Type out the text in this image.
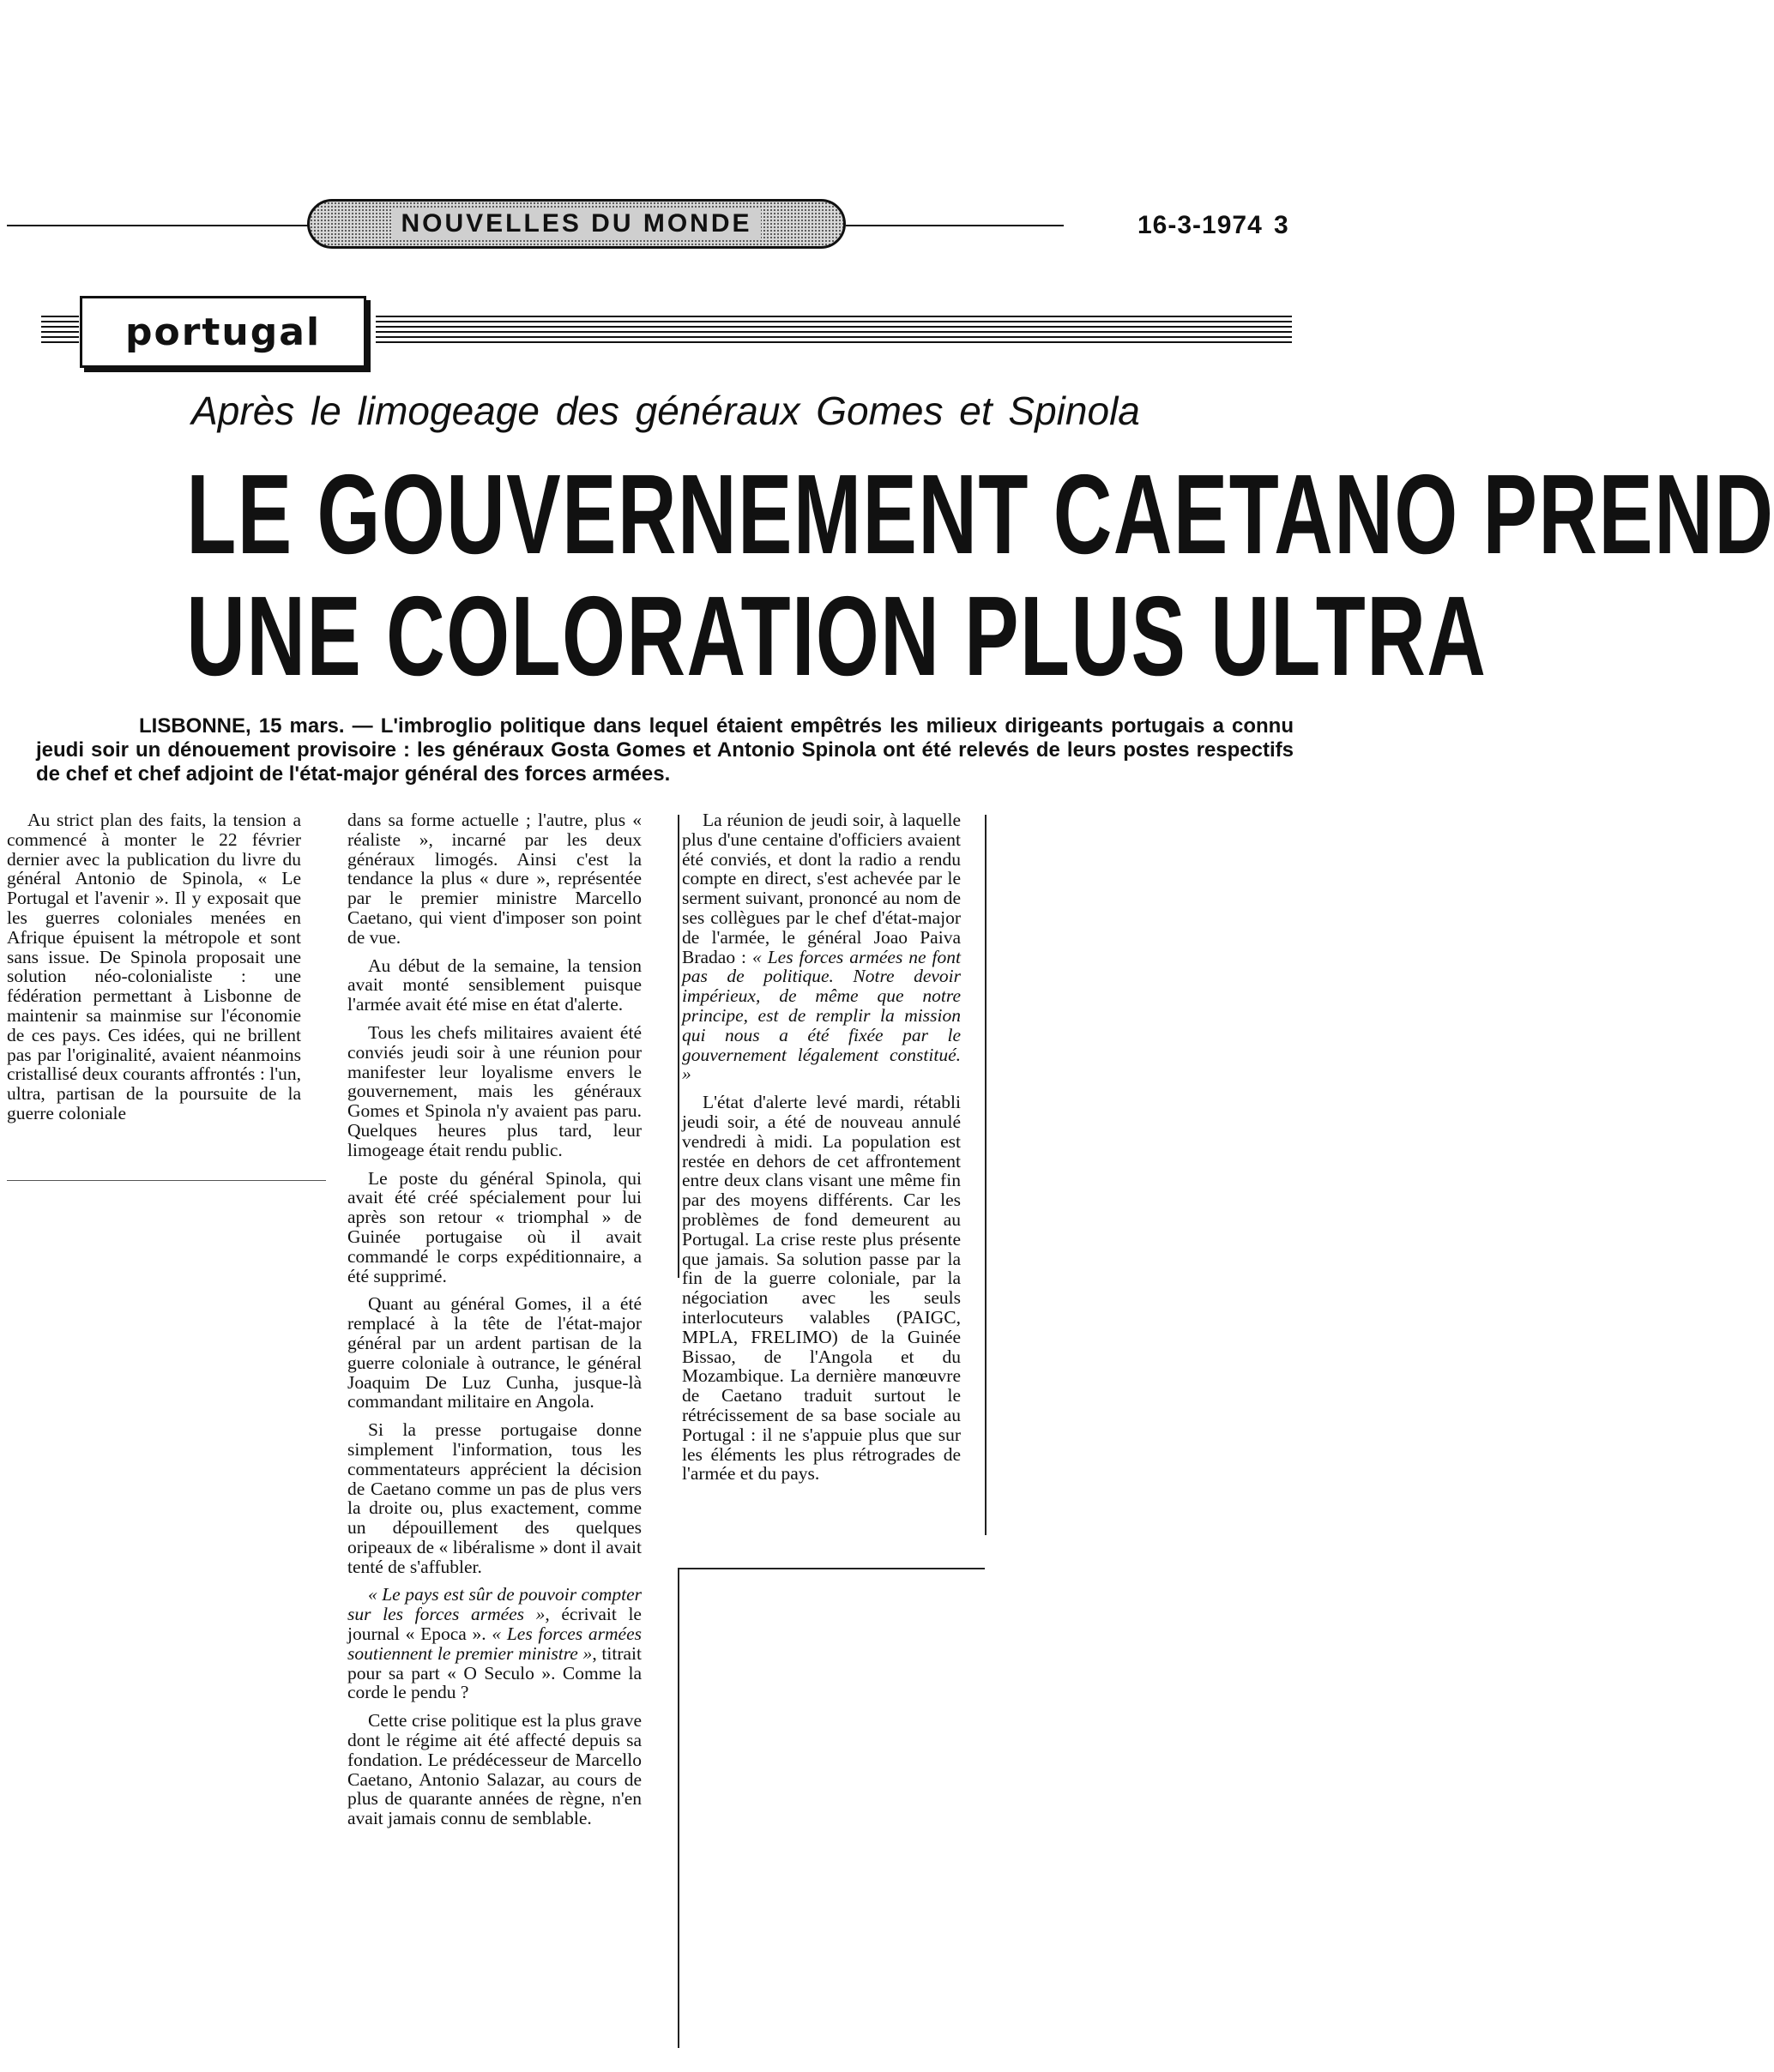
NOUVELLES DU MONDE	16-3-1974 3
portugal
Après le limogeage des généraux Gomes et Spinola
LE GOUVERNEMENT CAETANO PREND
UNE COLORATION PLUS ULTRA
LISBONNE, 15 mars. — L'imbroglio politique dans lequel étaient empêtrés les milieux dirigeants portugais a connu jeudi soir un dénouement provisoire : les généraux Gosta Gomes et Antonio Spinola ont été relevés de leurs postes respectifs de chef et chef adjoint de l'état-major général des forces armées.

Au strict plan des faits, la tension a commencé à monter le 22 février dernier avec la publication du livre du général Antonio de Spinola, « Le Portugal et l'avenir ». Il y exposait que les guerres coloniales menées en Afrique épuisent la métropole et sont sans issue. De Spinola proposait une solution néo-colonialiste : une fédération permettant à Lisbonne de maintenir sa mainmise sur l'économie de ces pays. Ces idées, qui ne brillent pas par l'originalité, avaient néanmoins cristallisé deux courants affrontés : l'un, ultra, partisan de la poursuite de la guerre coloniale

dans sa forme actuelle ; l'autre, plus « réaliste », incarné par les deux généraux limogés. Ainsi c'est la tendance la plus « dure », représentée par le premier ministre Marcello Caetano, qui vient d'imposer son point de vue.

Au début de la semaine, la tension avait monté sensiblement puisque l'armée avait été mise en état d'alerte.

Tous les chefs militaires avaient été conviés jeudi soir à une réunion pour manifester leur loyalisme envers le gouvernement, mais les généraux Gomes et Spinola n'y avaient pas paru. Quelques heures plus tard, leur limogeage était rendu public.

Le poste du général Spinola, qui avait été créé spécialement pour lui après son retour « triomphal » de Guinée portugaise où il avait commandé le corps expéditionnaire, a été supprimé.

Quant au général Gomes, il a été remplacé à la tête de l'état-major général par un ardent partisan de la guerre coloniale à outrance, le général Joaquim De Luz Cunha, jusque-là commandant militaire en Angola.

Si la presse portugaise donne simplement l'information, tous les commentateurs apprécient la décision de Caetano comme un pas de plus vers la droite ou, plus exactement, comme un dépouillement des quelques oripeaux de « libéralisme » dont il avait tenté de s'affubler.

« Le pays est sûr de pouvoir compter sur les forces armées », écrivait le journal « Epoca ». « Les forces armées soutiennent le premier ministre », titrait pour sa part « O Seculo ». Comme la corde le pendu ?

Cette crise politique est la plus grave dont le régime ait été affecté depuis sa fondation. Le prédécesseur de Marcello Caetano, Antonio Salazar, au cours de plus de quarante années de règne, n'en avait jamais connu de semblable.

La réunion de jeudi soir, à laquelle plus d'une centaine d'officiers avaient été conviés, et dont la radio a rendu compte en direct, s'est achevée par le serment suivant, prononcé au nom de ses collègues par le chef d'état-major de l'armée, le général Joao Paiva Bradao : « Les forces armées ne font pas de politique. Notre devoir impérieux, de même que notre principe, est de remplir la mission qui nous a été fixée par le gouvernement légalement constitué. »

L'état d'alerte levé mardi, rétabli jeudi soir, a été de nouveau annulé vendredi à midi. La population est restée en dehors de cet affrontement entre deux clans visant une même fin par des moyens différents. Car les problèmes de fond demeurent au Portugal. La crise reste plus présente que jamais. Sa solution passe par la fin de la guerre coloniale, par la négociation avec les seuls interlocuteurs valables (PAIGC, MPLA, FRELIMO) de la Guinée Bissao, de l'Angola et du Mozambique. La dernière manœuvre de Caetano traduit surtout le rétrécissement de sa base sociale au Portugal : il ne s'appuie plus que sur les éléments les plus rétrogrades de l'armée et du pays.
